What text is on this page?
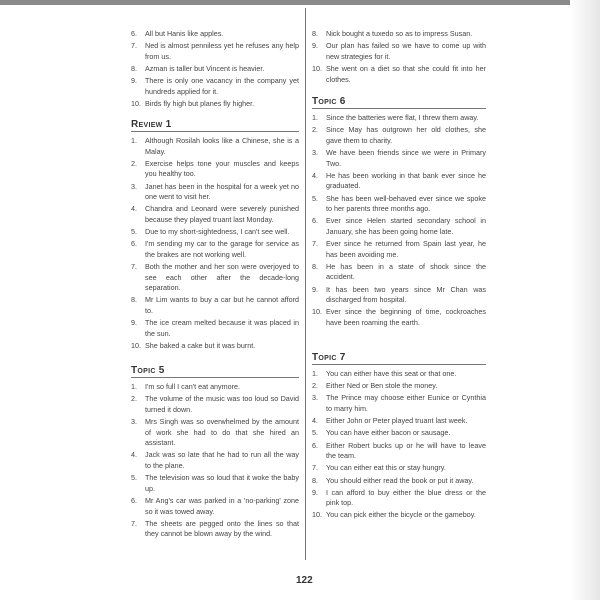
6. All but Hanis like apples.
7. Ned is almost penniless yet he refuses any help from us.
8. Azman is taller but Vincent is heavier.
9. There is only one vacancy in the company yet hundreds applied for it.
10. Birds fly high but planes fly higher.
Review 1
1. Although Rosilah looks like a Chinese, she is a Malay.
2. Exercise helps tone your muscles and keeps you healthy too.
3. Janet has been in the hospital for a week yet no one went to visit her.
4. Chandra and Leonard were severely punished because they played truant last Monday.
5. Due to my short-sightedness, I can't see well.
6. I'm sending my car to the garage for service as the brakes are not working well.
7. Both the mother and her son were overjoyed to see each other after the decade-long separation.
8. Mr Lim wants to buy a car but he cannot afford to.
9. The ice cream melted because it was placed in the sun.
10. She baked a cake but it was burnt.
Topic 5
1. I'm so full I can't eat anymore.
2. The volume of the music was too loud so David turned it down.
3. Mrs Singh was so overwhelmed by the amount of work she had to do that she hired an assistant.
4. Jack was so late that he had to run all the way to the plane.
5. The television was so loud that it woke the baby up.
6. Mr Ang's car was parked in a 'no-parking' zone so it was towed away.
7. The sheets are pegged onto the lines so that they cannot be blown away by the wind.
8. Nick bought a tuxedo so as to impress Susan.
9. Our plan has failed so we have to come up with new strategies for it.
10. She went on a diet so that she could fit into her clothes.
Topic 6
1. Since the batteries were flat, I threw them away.
2. Since May has outgrown her old clothes, she gave them to charity.
3. We have been friends since we were in Primary Two.
4. He has been working in that bank ever since he graduated.
5. She has been well-behaved ever since we spoke to her parents three months ago.
6. Ever since Helen started secondary school in January, she has been going home late.
7. Ever since he returned from Spain last year, he has been avoiding me.
8. He has been in a state of shock since the accident.
9. It has been two years since Mr Chan was discharged from hospital.
10. Ever since the beginning of time, cockroaches have been roaming the earth.
Topic 7
1. You can either have this seat or that one.
2. Either Ned or Ben stole the money.
3. The Prince may choose either Eunice or Cynthia to marry him.
4. Either John or Peter played truant last week.
5. You can have either bacon or sausage.
6. Either Robert bucks up or he will have to leave the team.
7. You can either eat this or stay hungry.
8. You should either read the book or put it away.
9. I can afford to buy either the blue dress or the pink top.
10. You can pick either the bicycle or the gameboy.
122
